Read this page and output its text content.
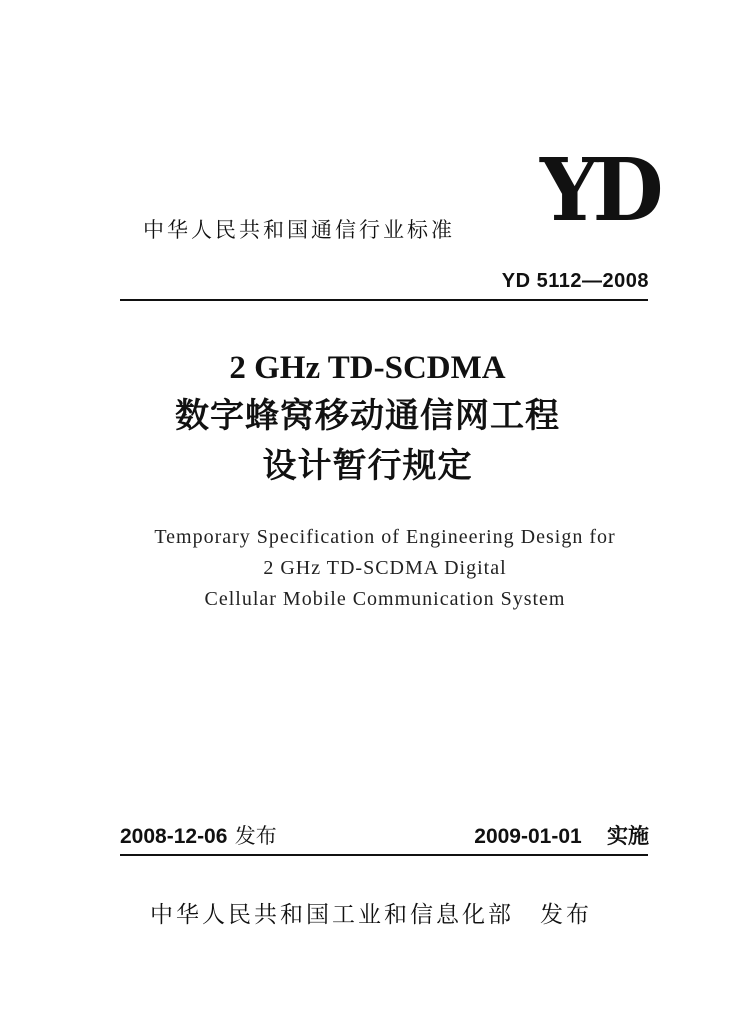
中华人民共和国通信行业标准 YD
YD 5112—2008
2 GHz TD-SCDMA
数字蜂窝移动通信网工程
设计暂行规定
Temporary Specification of Engineering Design for
2 GHz TD-SCDMA Digital
Cellular Mobile Communication System
2008-12-06 发布	2009-01-01 实施
中华人民共和国工业和信息化部 发布
